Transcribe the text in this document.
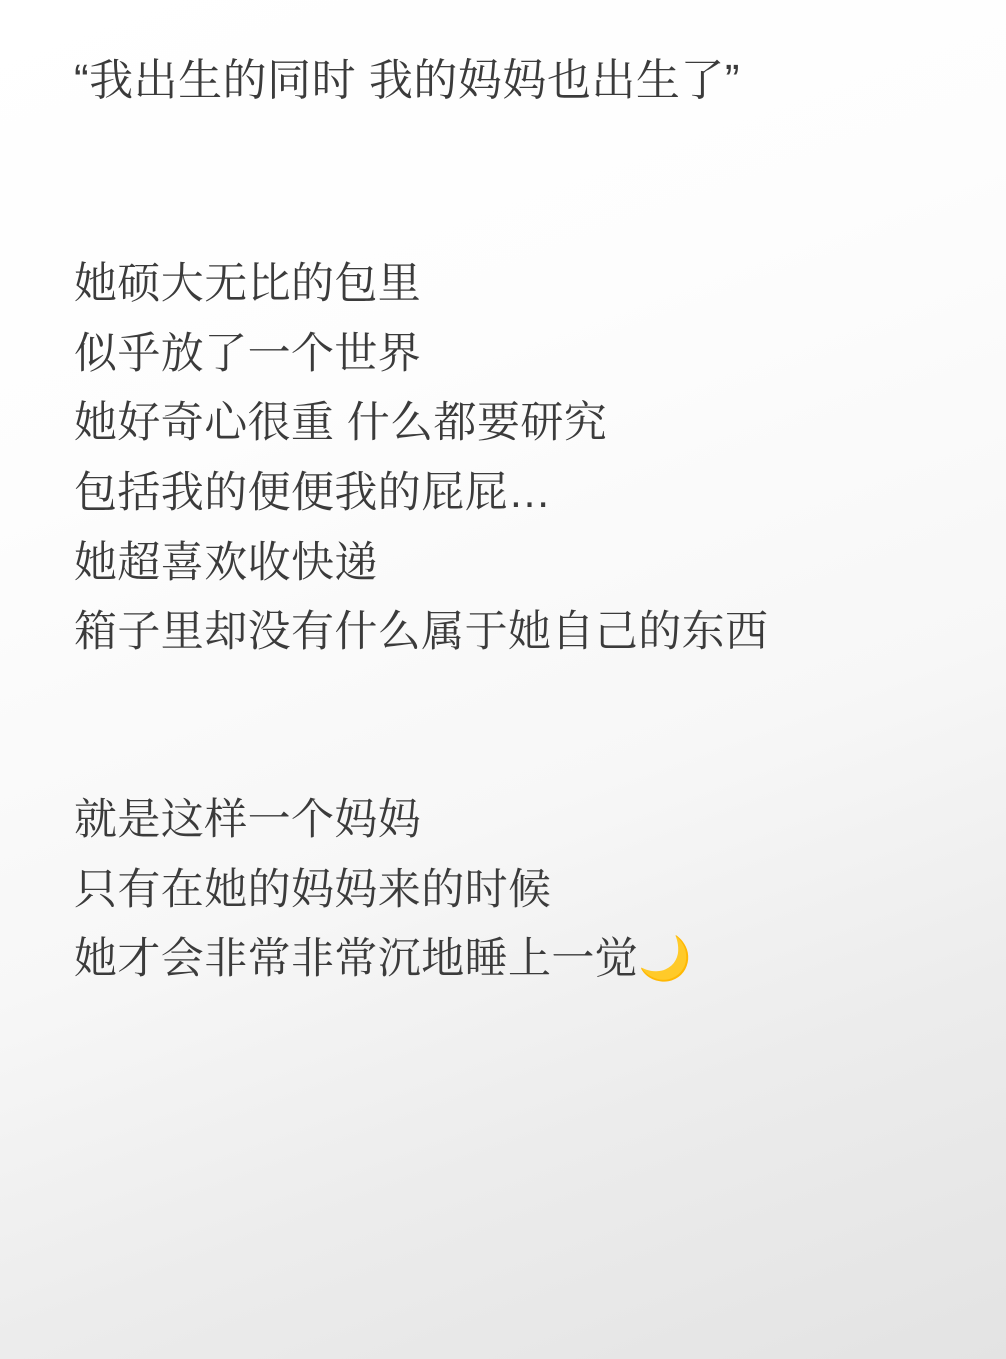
“我出生的同时 我的妈妈也出生了”
她硕大无比的包里
似乎放了一个世界
她好奇心很重 什么都要研究
包括我的便便我的屁屁…
她超喜欢收快递
箱子里却没有什么属于她自己的东西
就是这样一个妈妈
只有在她的妈妈来的时候
她才会非常非常沉地睡上一觉🌙
